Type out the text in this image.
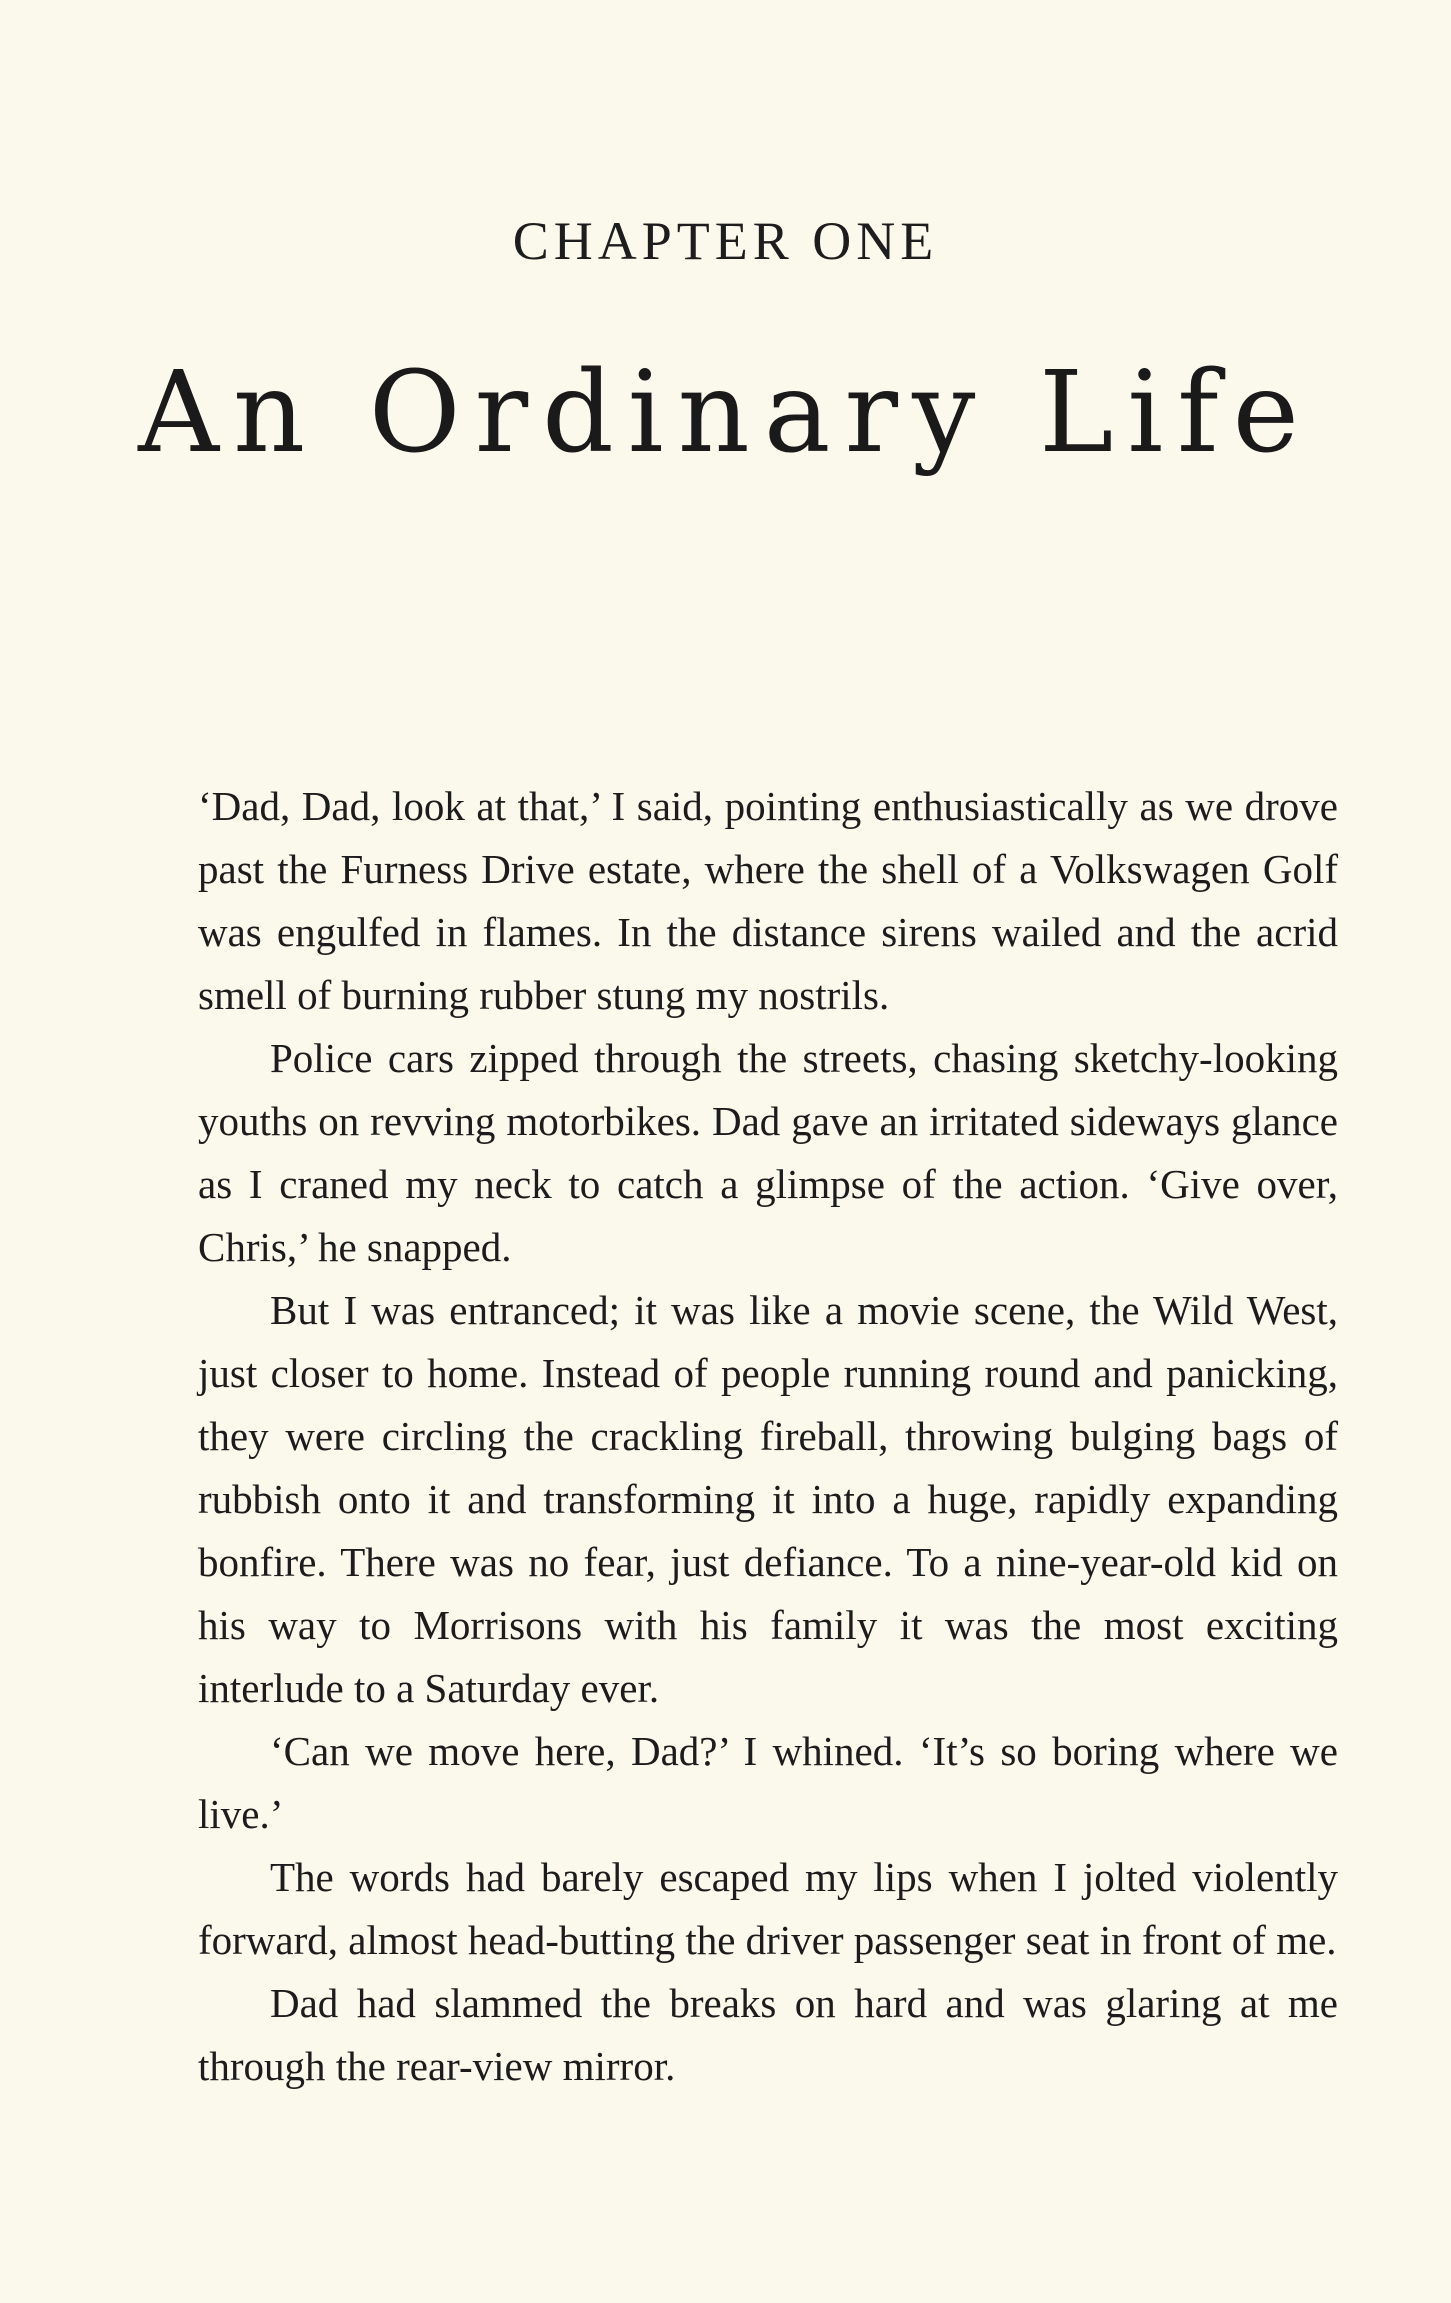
CHAPTER ONE
An Ordinary Life

‘Dad, Dad, look at that,’ I said, pointing enthusiastically as we drove past the Furness Drive estate, where the shell of a Volkswagen Golf was engulfed in flames. In the distance sirens wailed and the acrid smell of burning rubber stung my nostrils.

Police cars zipped through the streets, chasing sketchy-looking youths on revving motorbikes. Dad gave an irritated sideways glance as I craned my neck to catch a glimpse of the action. ‘Give over, Chris,’ he snapped.

But I was entranced; it was like a movie scene, the Wild West, just closer to home. Instead of people running round and panicking, they were circling the crackling fireball, throwing bulging bags of rubbish onto it and transforming it into a huge, rapidly expanding bonfire. There was no fear, just defiance. To a nine-year-old kid on his way to Morrisons with his family it was the most exciting interlude to a Saturday ever.

‘Can we move here, Dad?’ I whined. ‘It’s so boring where we live.’

The words had barely escaped my lips when I jolted violently forward, almost head-butting the driver passenger seat in front of me.

Dad had slammed the breaks on hard and was glaring at me through the rear-view mirror.
